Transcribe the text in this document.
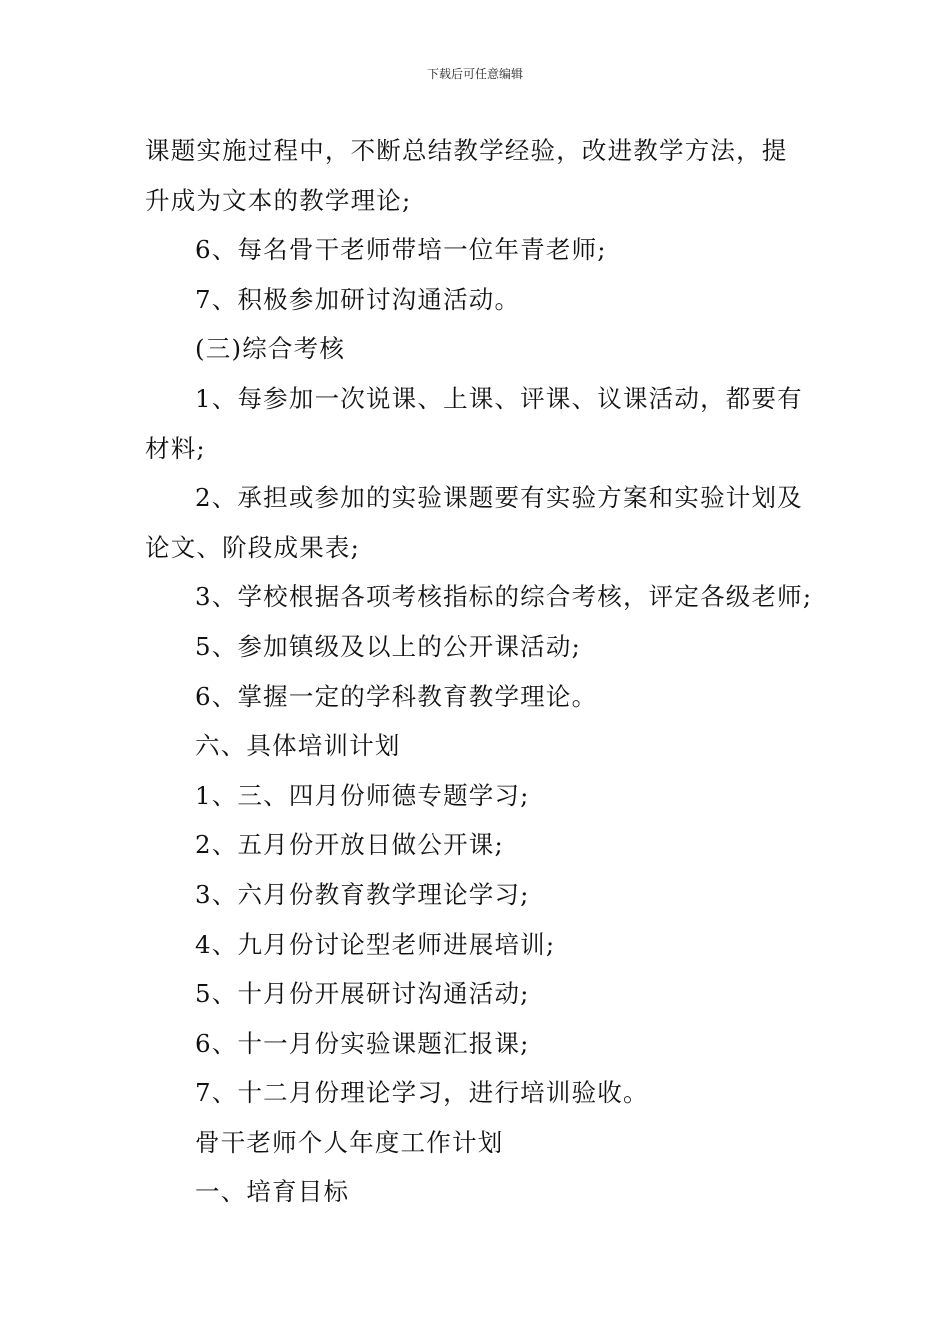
下载后可任意编辑

课题实施过程中，不断总结教学经验，改进教学方法，提

升成为文本的教学理论;

6、每名骨干老师带培一位年青老师;

7、积极参加研讨沟通活动。

(三)综合考核

1、每参加一次说课、上课、评课、议课活动，都要有

材料;

2、承担或参加的实验课题要有实验方案和实验计划及

论文、阶段成果表;

3、学校根据各项考核指标的综合考核，评定各级老师;

5、参加镇级及以上的公开课活动;

6、掌握一定的学科教育教学理论。

六、具体培训计划

1、三、四月份师德专题学习;

2、五月份开放日做公开课;

3、六月份教育教学理论学习;

4、九月份讨论型老师进展培训;

5、十月份开展研讨沟通活动;

6、十一月份实验课题汇报课;

7、十二月份理论学习，进行培训验收。

骨干老师个人年度工作计划

一、培育目标
